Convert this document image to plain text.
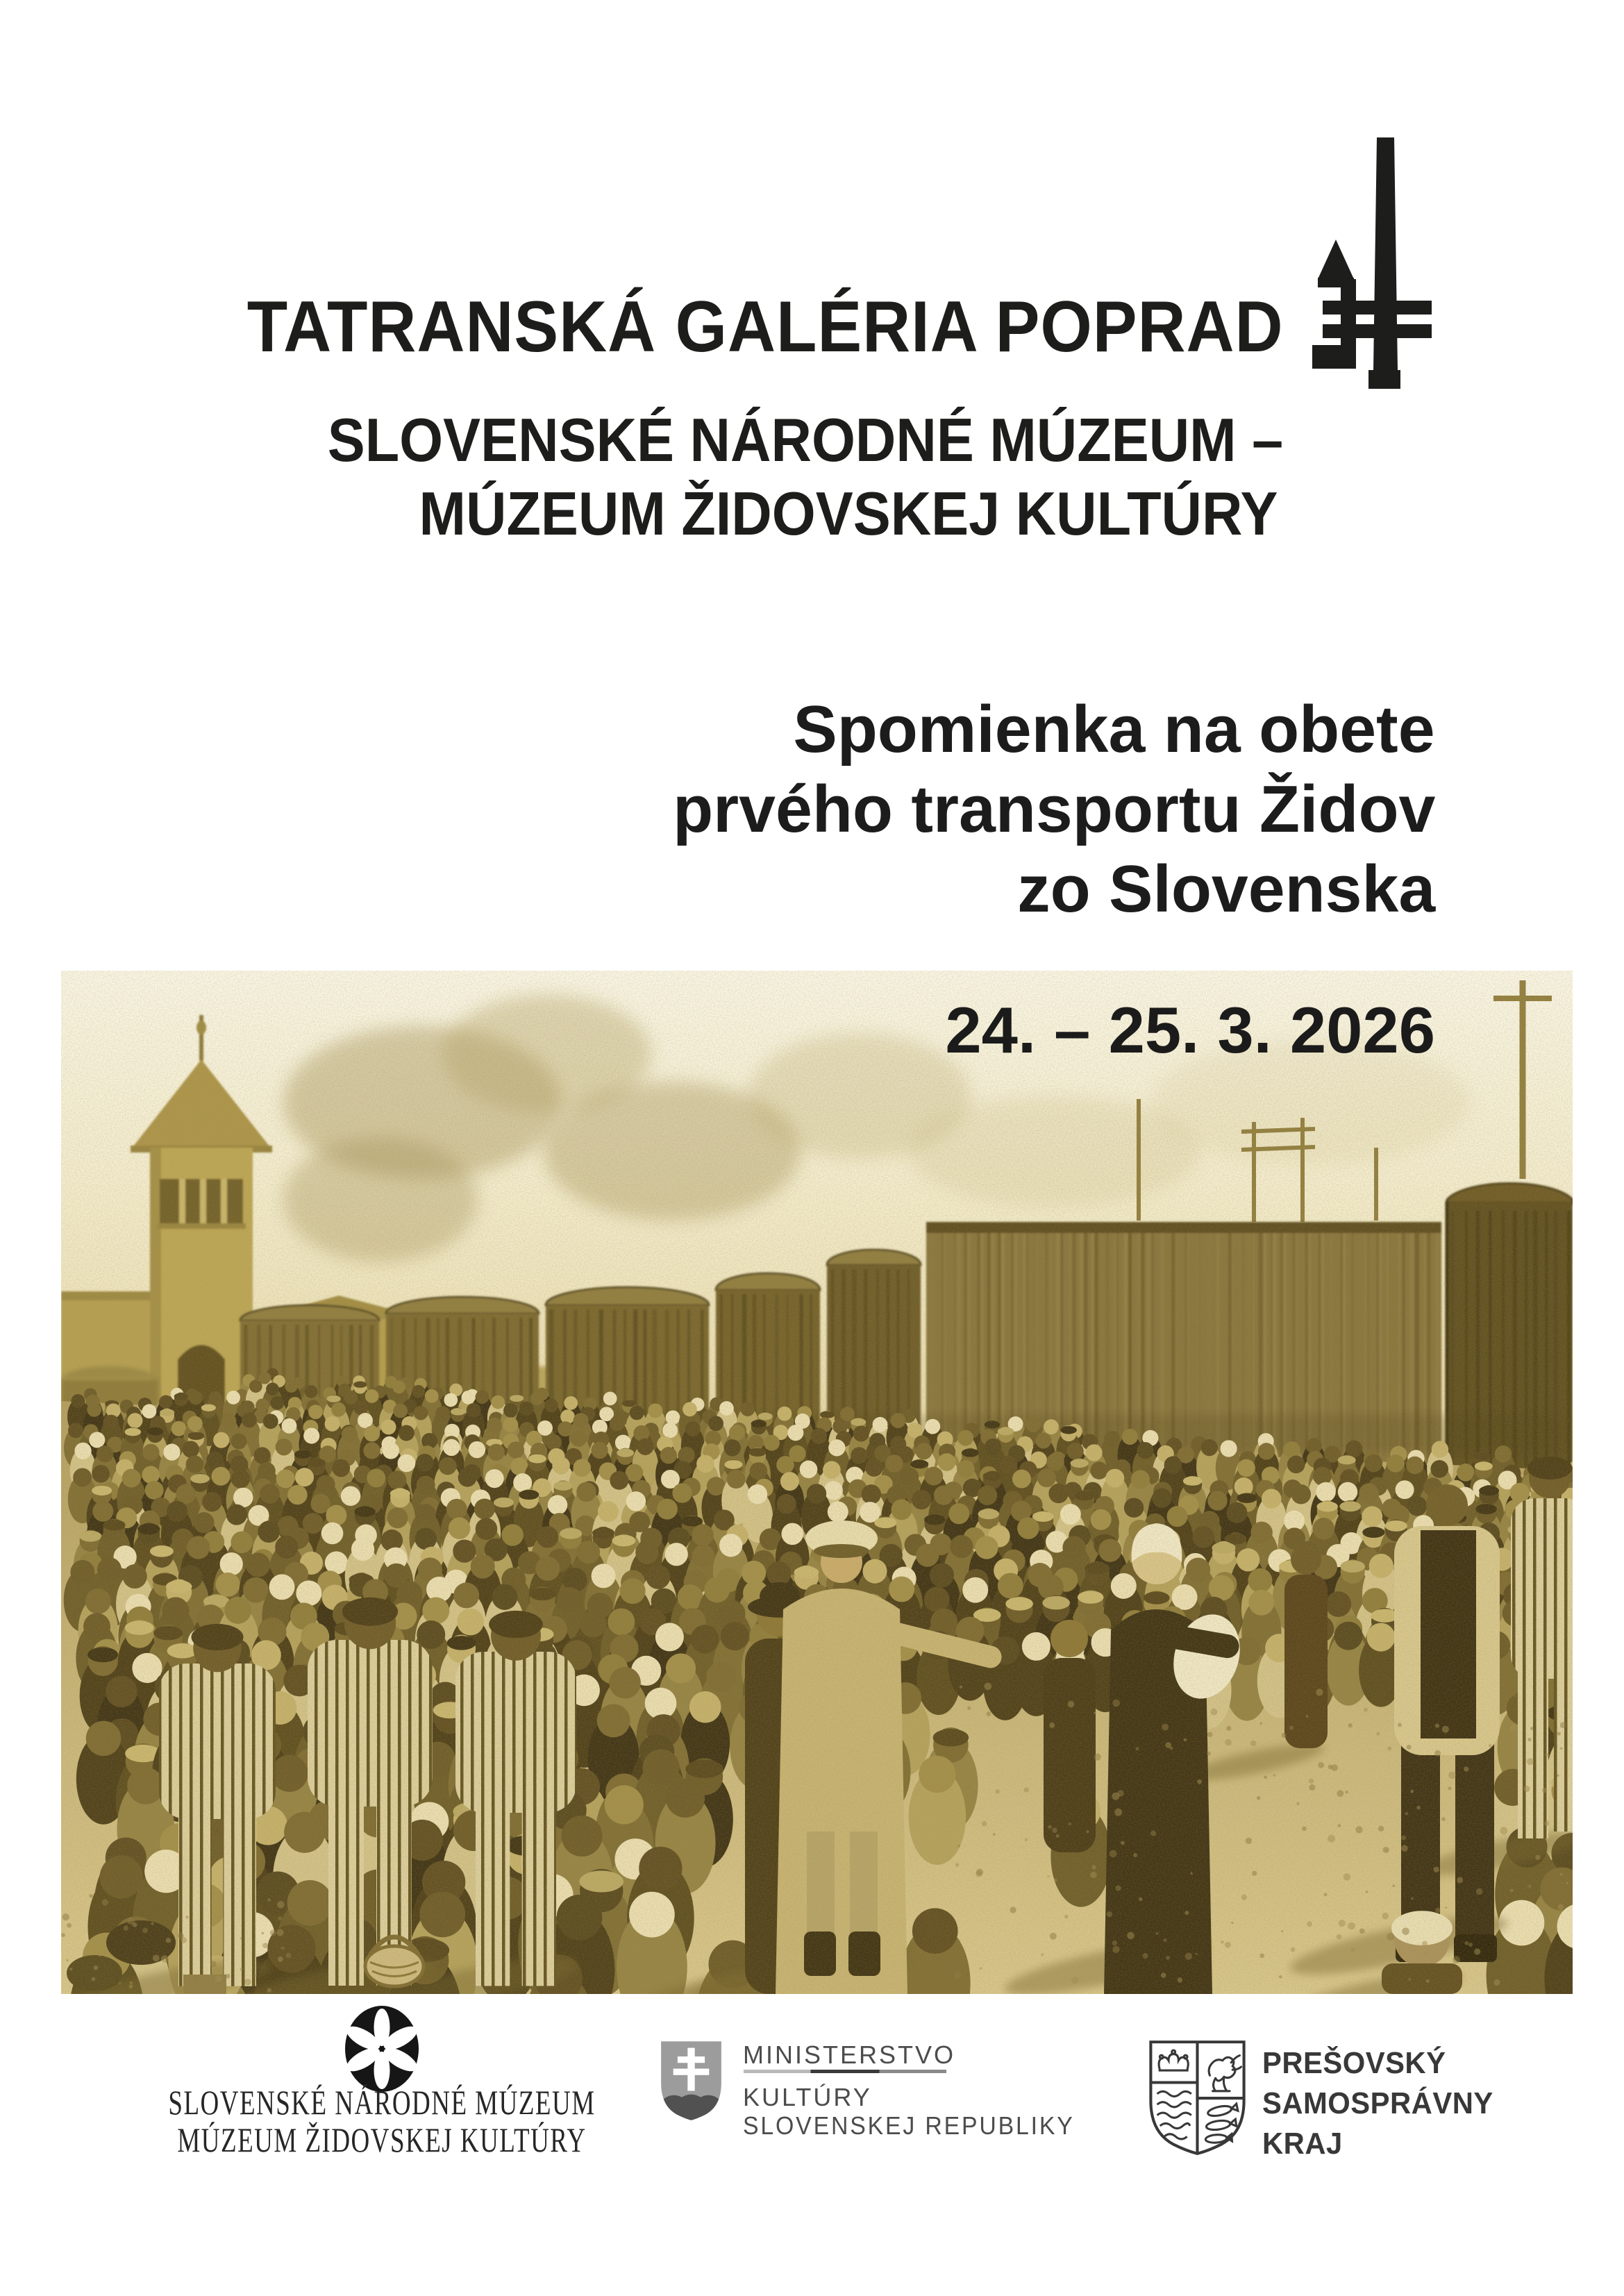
TATRANSKÁ GALÉRIA POPRAD
SLOVENSKÉ NÁRODNÉ MÚZEUM –
MÚZEUM ŽIDOVSKEJ KULTÚRY
Spomienka na obete
prvého transportu Židov
zo Slovenska
24. – 25. 3. 2026
SLOVENSKÉ NÁRODNÉ MÚZEUM
MÚZEUM ŽIDOVSKEJ KULTÚRY
MINISTERSTVO
KULTÚRY
SLOVENSKEJ REPUBLIKY
PREŠOVSKÝ
SAMOSPRÁVNY
KRAJ
